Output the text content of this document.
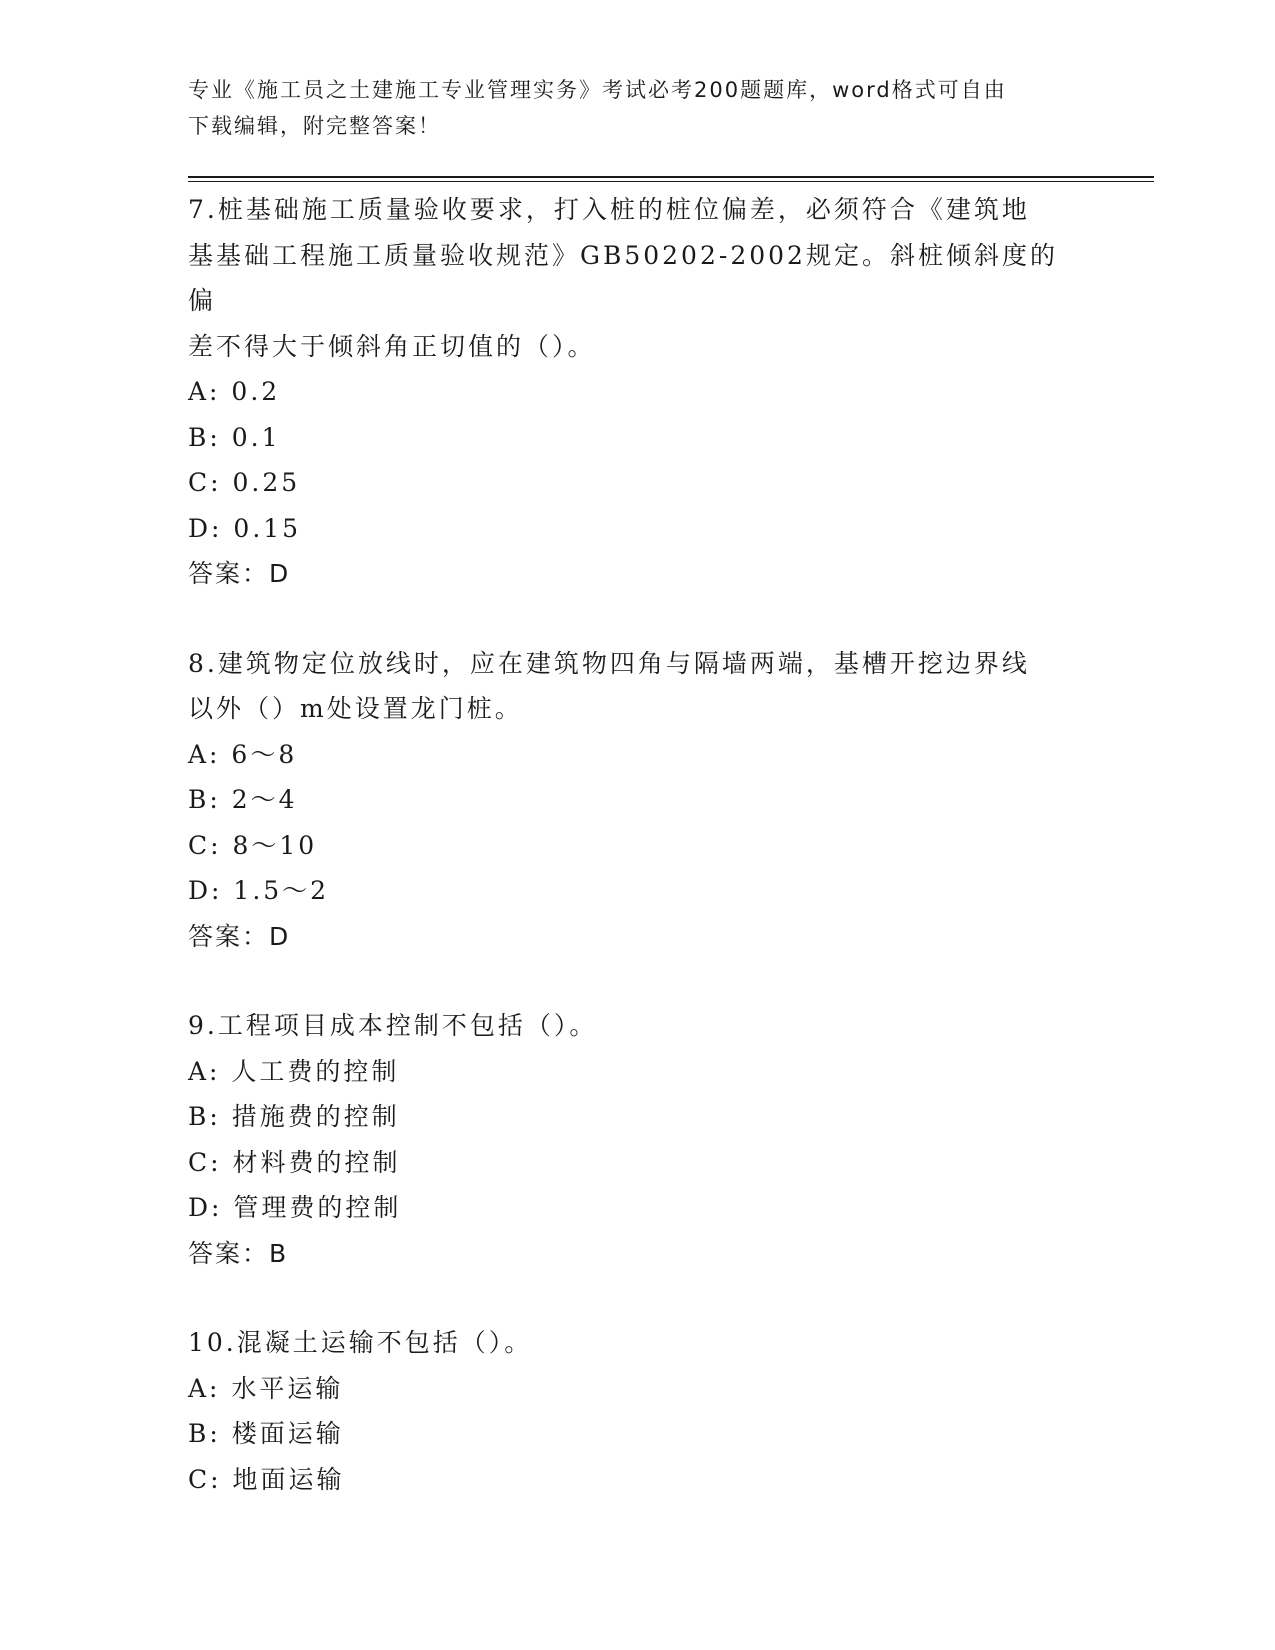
专业《施工员之土建施工专业管理实务》考试必考200题题库，word格式可自由
下载编辑，附完整答案！
7.桩基础施工质量验收要求，打入桩的桩位偏差，必须符合《建筑地
基基础工程施工质量验收规范》GB50202-2002规定。斜桩倾斜度的偏
差不得大于倾斜角正切值的（）。
A: 0.2
B: 0.1
C: 0.25
D: 0.15
答案：D
8.建筑物定位放线时，应在建筑物四角与隔墙两端，基槽开挖边界线
以外（）m处设置龙门桩。
A: 6～8
B: 2～4
C: 8～10
D: 1.5～2
答案：D
9.工程项目成本控制不包括（）。
A: 人工费的控制
B: 措施费的控制
C: 材料费的控制
D: 管理费的控制
答案：B
10.混凝土运输不包括（）。
A: 水平运输
B: 楼面运输
C: 地面运输
